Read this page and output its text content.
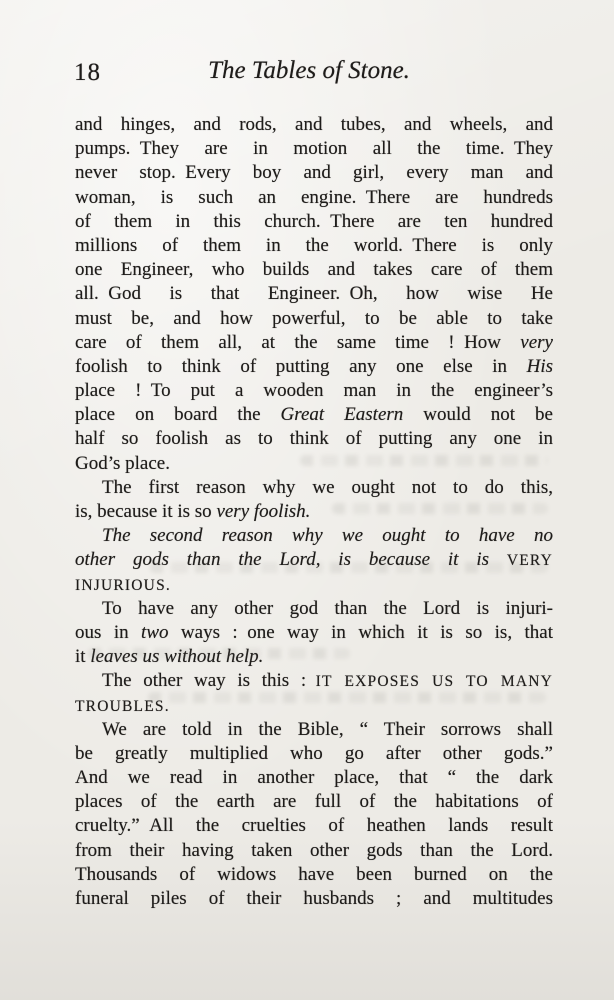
18	The Tables of Stone.
and hinges, and rods, and tubes, and wheels, and
pumps. They are in motion all the time. They
never stop. Every boy and girl, every man and
woman, is such an engine. There are hundreds
of them in this church. There are ten hundred
millions of them in the world. There is only
one Engineer, who builds and takes care of them
all. God is that Engineer. Oh, how wise He
must be, and how powerful, to be able to take
care of them all, at the same time ! How very
foolish to think of putting any one else in His
place ! To put a wooden man in the engineer’s
place on board the Great Eastern would not be
half so foolish as to think of putting any one in
God’s place.
The first reason why we ought not to do this,
is, because it is so very foolish.
The second reason why we ought to have no
other gods than the Lord, is because it is VERY
INJURIOUS.
To have any other god than the Lord is injuri-
ous in two ways : one way in which it is so is, that
it leaves us without help.
The other way is this : IT EXPOSES US TO MANY
TROUBLES.
We are told in the Bible, “ Their sorrows shall
be greatly multiplied who go after other gods.”
And we read in another place, that “ the dark
places of the earth are full of the habitations of
cruelty.” All the cruelties of heathen lands result
from their having taken other gods than the Lord.
Thousands of widows have been burned on the
funeral piles of their husbands ; and multitudes
